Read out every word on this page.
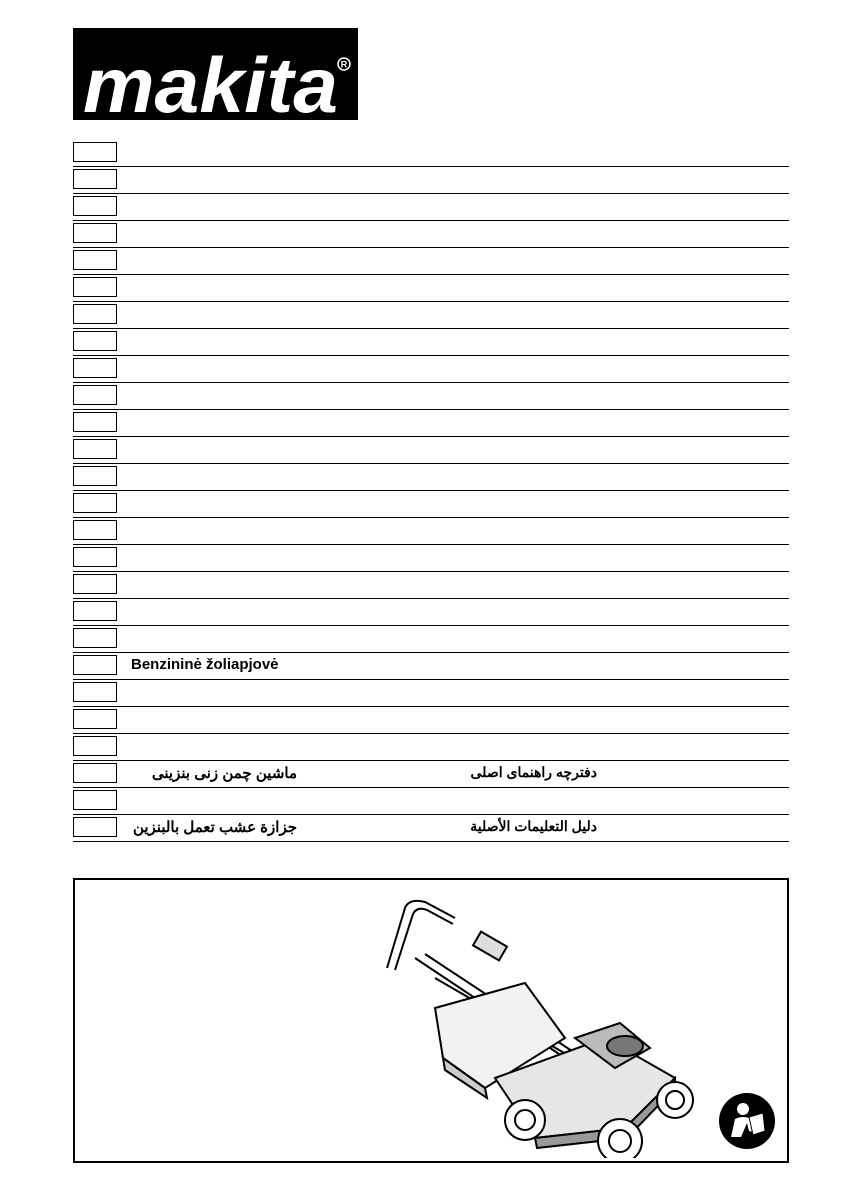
makita R
Benzininė žoliapjovė
ماشین چمن زنی بنزینی	دفترچه راهنمای اصلی
جزازة عشب تعمل بالبنزين	دليل التعليمات الأصلية
